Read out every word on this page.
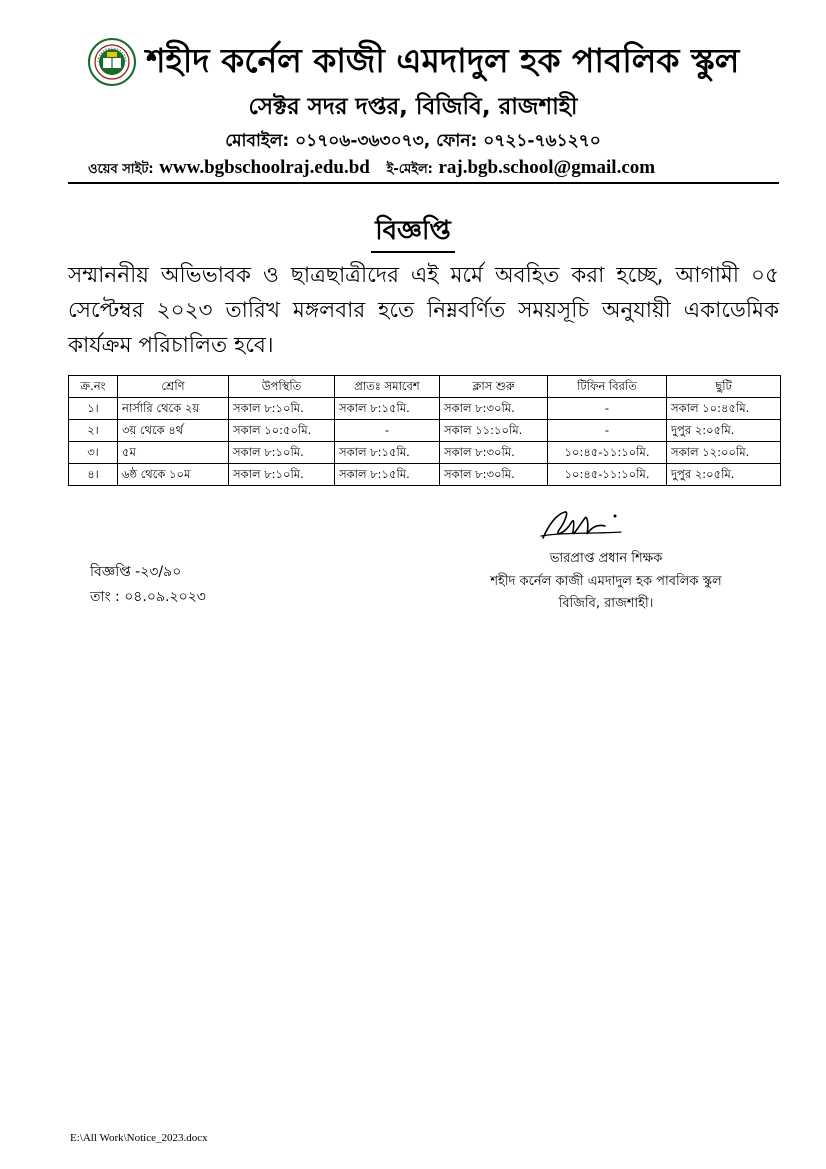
শহীদ কর্নেল কাজী এমদাদুল হক পাবলিক স্কুল
সেক্টর সদর দপ্তর, বিজিবি, রাজশাহী
মোবাইল: ০১৭০৬-৩৬৩০৭৩, ফোন: ০৭২১-৭৬১২৭০
ওয়েব সাইট: www.bgbschoolraj.edu.bd ই-মেইল: raj.bgb.school@gmail.com
বিজ্ঞপ্তি
সম্মাননীয় অভিভাবক ও ছাত্রছাত্রীদের এই মর্মে অবহিত করা হচ্ছে, আগামী ০৫ সেপ্টেম্বর ২০২৩ তারিখ মঙ্গলবার হতে নিম্নবর্ণিত সময়সূচি অনুযায়ী একাডেমিক কার্যক্রম পরিচালিত হবে।
ক্র.নং	শ্রেণি	উপস্থিতি	প্রাতঃ সমাবেশ	ক্লাস শুরু	টিফিন বিরতি	ছুটি
১।	নার্সারি থেকে ২য়	সকাল ৮:১০মি.	সকাল ৮:১৫মি.	সকাল ৮:৩০মি.	-	সকাল ১০:৪৫মি.
২।	৩য় থেকে ৪র্থ	সকাল ১০:৫০মি.	-	সকাল ১১:১০মি.	-	দুপুর ২:০৫মি.
৩।	৫ম	সকাল ৮:১০মি.	সকাল ৮:১৫মি.	সকাল ৮:৩০মি.	১০:৪৫-১১:১০মি.	সকাল ১২:০০মি.
৪।	৬ষ্ঠ থেকে ১০ম	সকাল ৮:১০মি.	সকাল ৮:১৫মি.	সকাল ৮:৩০মি.	১০:৪৫-১১:১০মি.	দুপুর ২:০৫মি.
ভারপ্রাপ্ত প্রধান শিক্ষক
শহীদ কর্নেল কাজী এমদাদুল হক পাবলিক স্কুল
বিজিবি, রাজশাহী।
বিজ্ঞপ্তি -২৩/৯০
তাং : ০৪.০৯.২০২৩
E:\All Work\Notice_2023.docx
